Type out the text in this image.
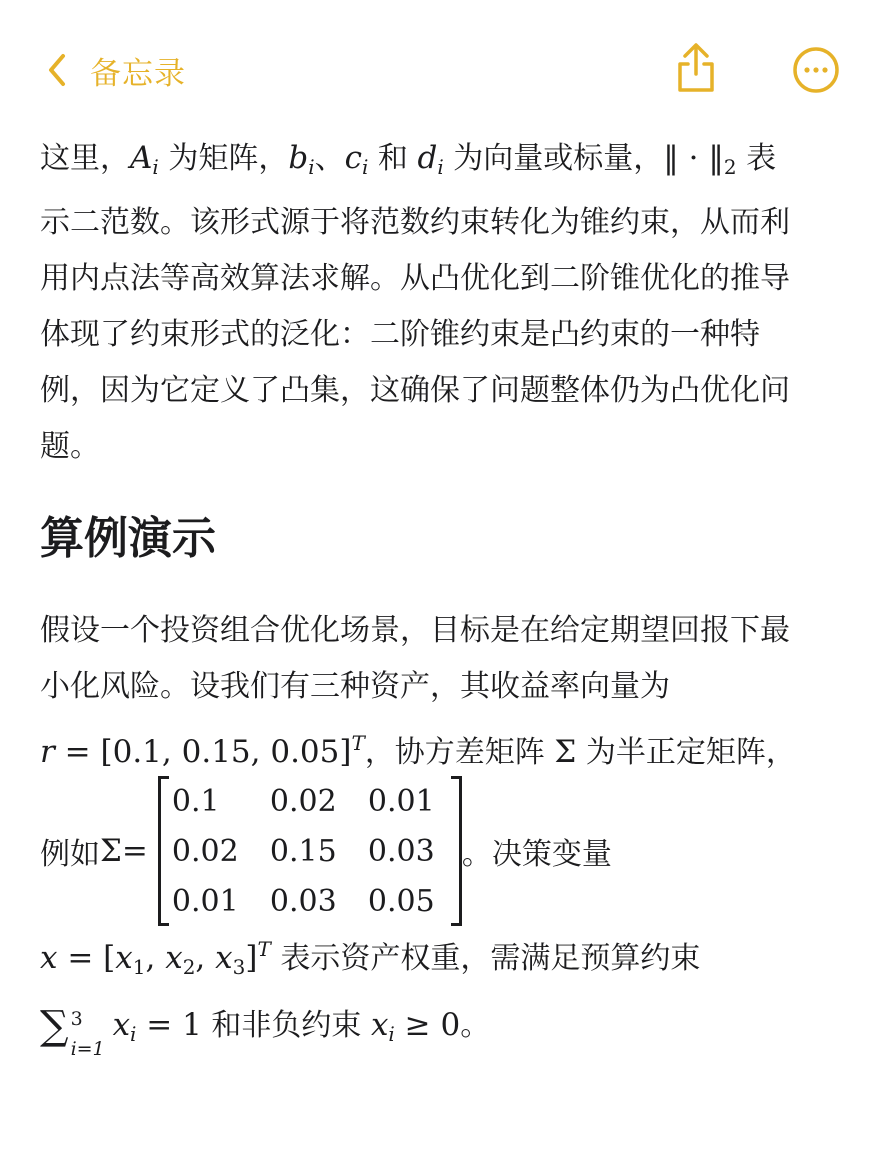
备忘录

这里，$A_i$ 为矩阵，$b_i$、$c_i$ 和 $d_i$ 为向量或标量，‖ · $‖_2$ 表
示二范数。该形式源于将范数约束转化为锥约束，从而利
用内点法等高效算法求解。从凸优化到二阶锥优化的推导
体现了约束形式的泛化：二阶锥约束是凸约束的一种特
例，因为它定义了凸集，这确保了问题整体仍为凸优化问
题。

算例演示

假设一个投资组合优化场景，目标是在给定期望回报下最
小化风险。设我们有三种资产，其收益率向量为
r = [0.1, 0.15, 0.05]$^T$，协方差矩阵 Σ 为半正定矩阵，

例如 Σ =
0.1	0.02	0.01
0.02	0.15	0.03
0.01	0.03	0.05
。决策变量

$x = [x_1$, $x_2$, $x_3]^T$ 表示资产权重，需满足预算约束
∑ 3
i=1
$x_i = 1$ 和非负约束 $x_i \ge 0$。
